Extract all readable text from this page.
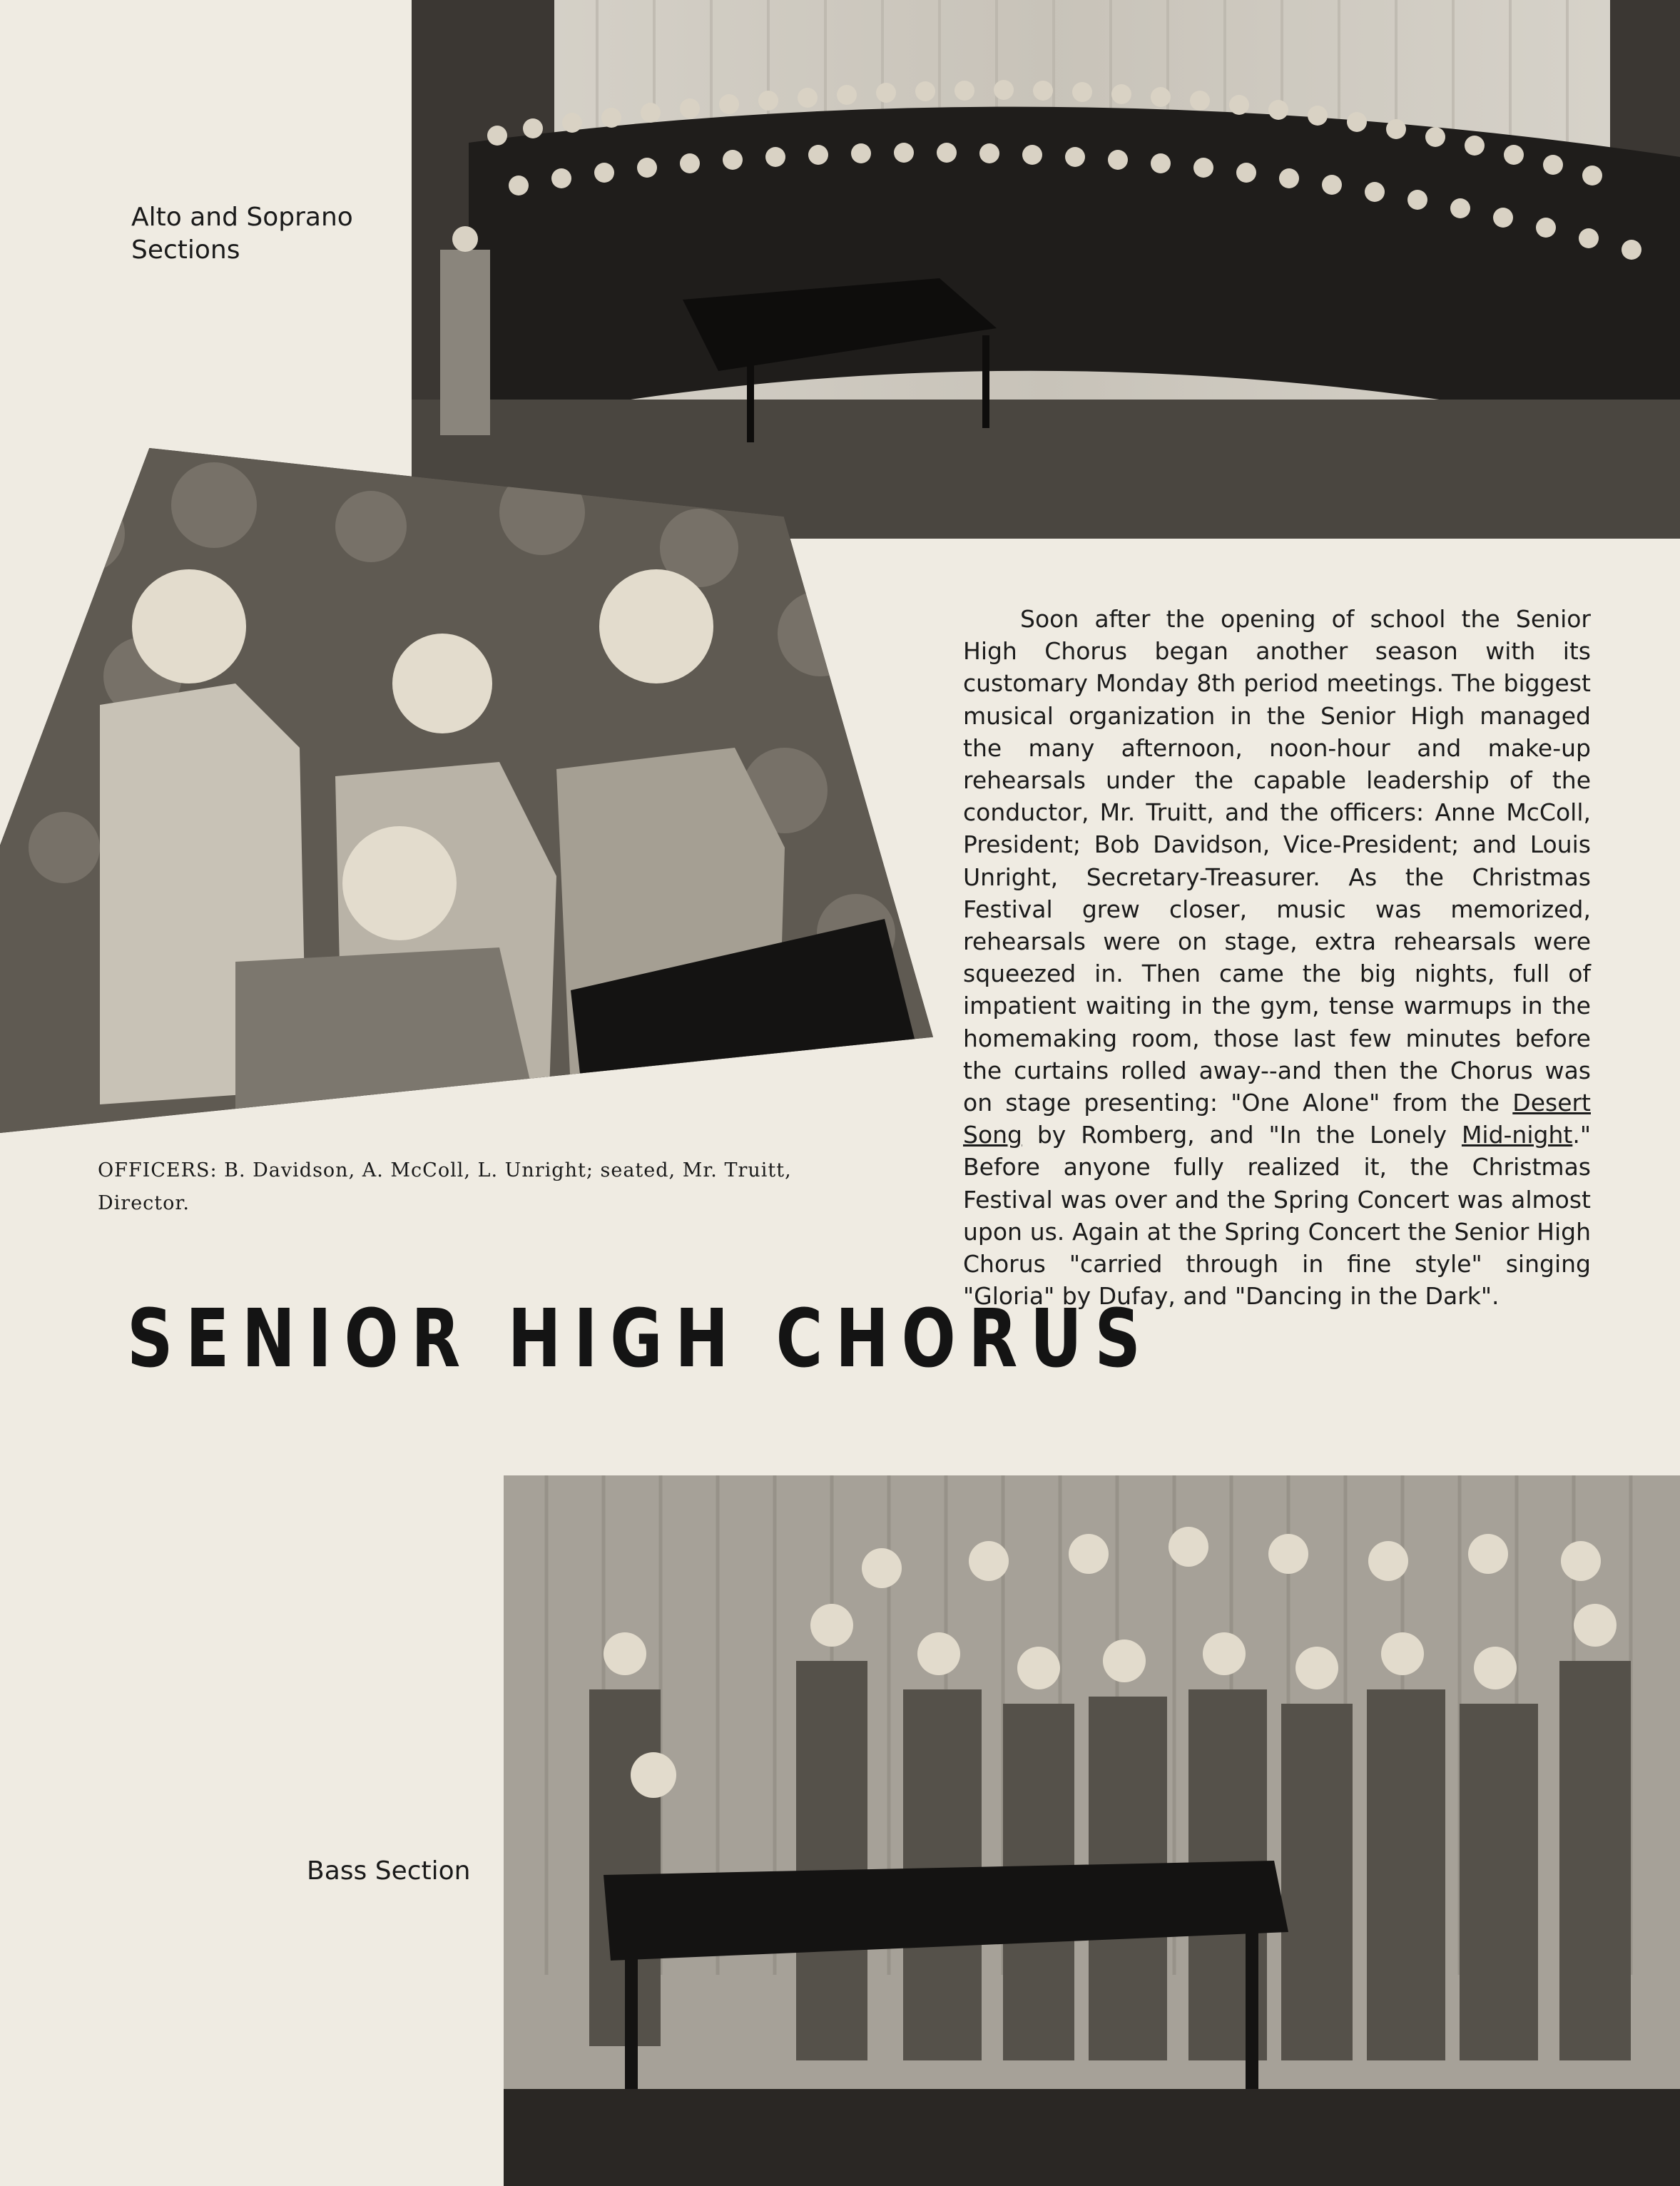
Alto and Soprano Sections

OFFICERS: B. Davidson, A. McColl, L. Unright; seated, Mr. Truitt, Director.

SENIOR HIGH CHORUS

Soon after the opening of school the Senior High Chorus began another season with its customary Monday 8th period meetings. The biggest musical organization in the Senior High managed the many afternoon, noon-hour and make-up rehearsals under the capable leadership of the conductor, Mr. Truitt, and the officers: Anne McColl, President; Bob Davidson, Vice-President; and Louis Unright, Secretary-Treasurer. As the Christmas Festival grew closer, music was memorized, rehearsals were on stage, extra rehearsals were squeezed in. Then came the big nights, full of impatient waiting in the gym, tense warmups in the homemaking room, those last few minutes before the curtains rolled away--and then the Chorus was on stage presenting: "One Alone" from the Desert Song by Romberg, and "In the Lonely Mid-night." Before anyone fully realized it, the Christmas Festival was over and the Spring Concert was almost upon us. Again at the Spring Concert the Senior High Chorus "carried through in fine style" singing "Gloria" by Dufay, and "Dancing in the Dark".

Bass Section
